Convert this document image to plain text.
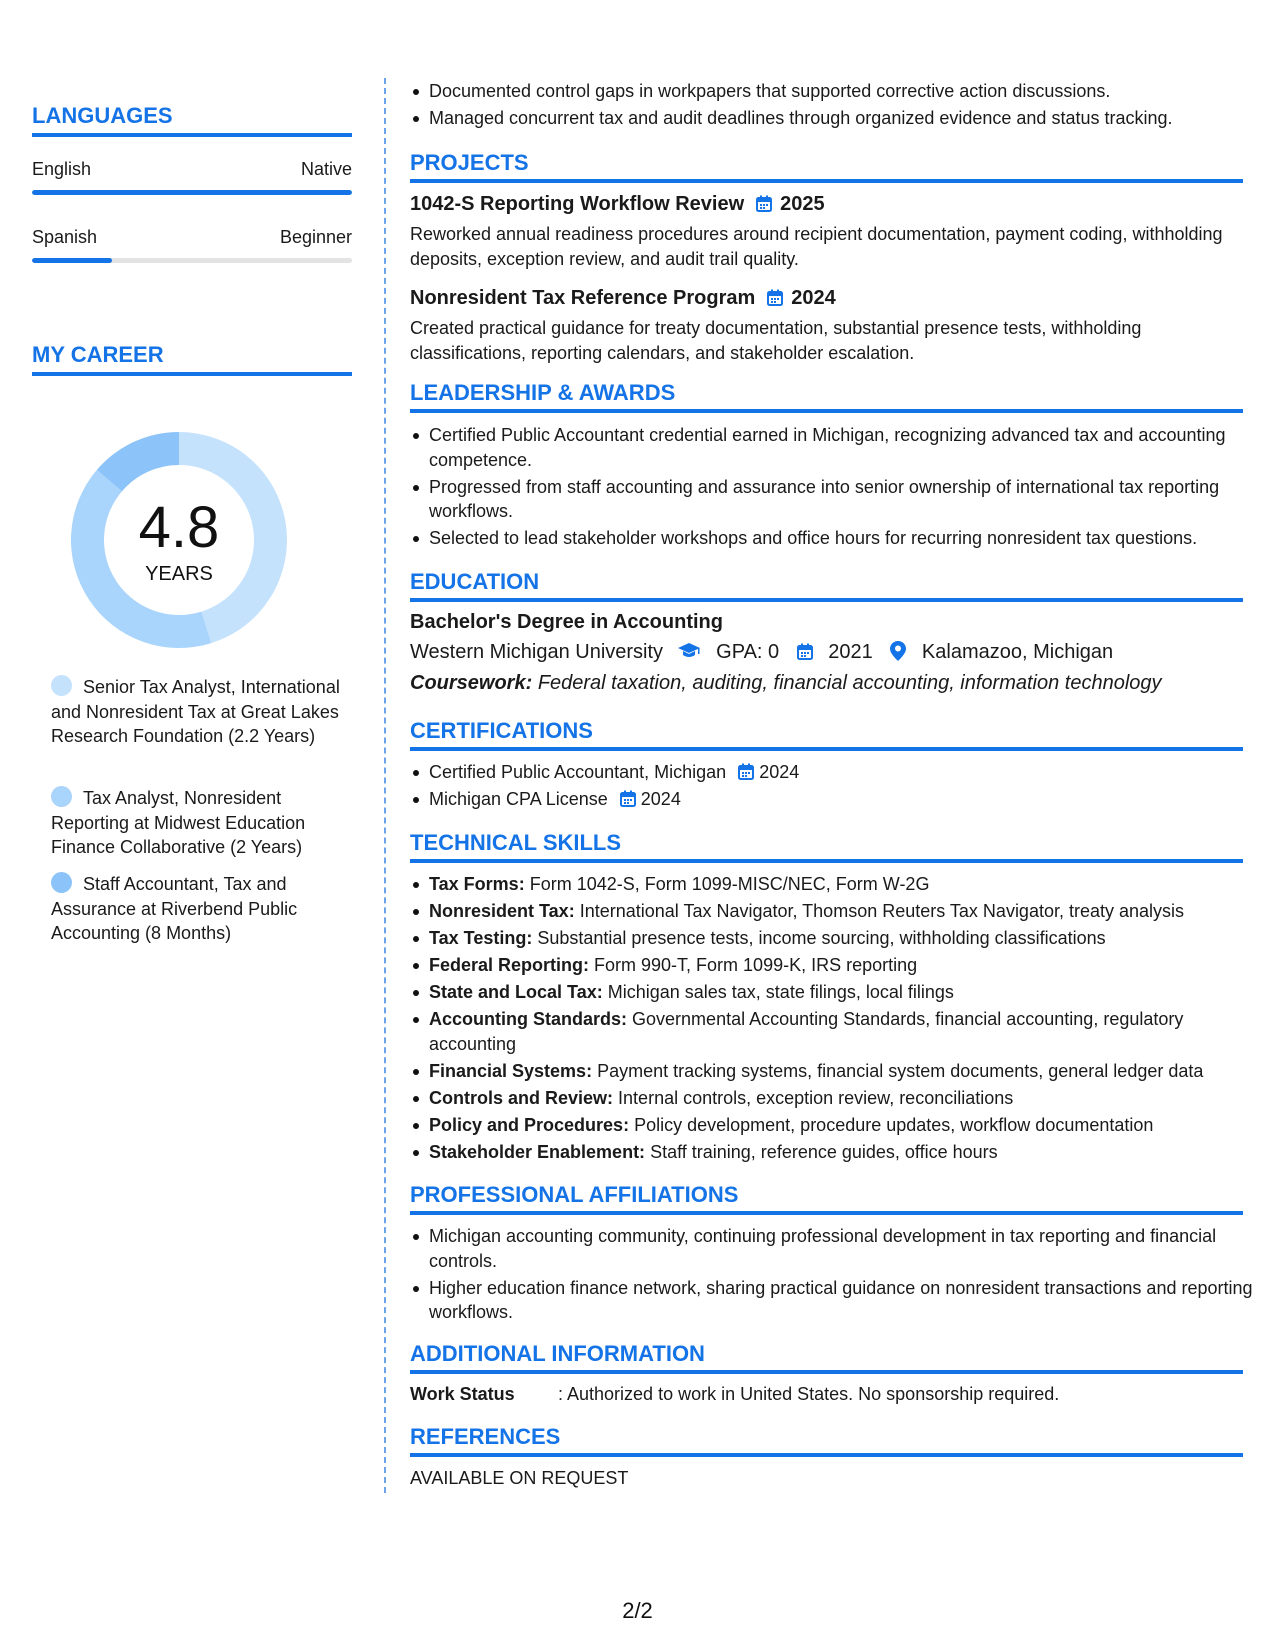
LANGUAGES
English	Native
Spanish	Beginner
MY CAREER
4.8
YEARS
Senior Tax Analyst, International and Nonresident Tax at Great Lakes Research Foundation (2.2 Years)
Tax Analyst, Nonresident Reporting at Midwest Education Finance Collaborative (2 Years)
Staff Accountant, Tax and Assurance at Riverbend Public Accounting (8 Months)
Documented control gaps in workpapers that supported corrective action discussions.
Managed concurrent tax and audit deadlines through organized evidence and status tracking.
PROJECTS
1042-S Reporting Workflow Review 2025
Reworked annual readiness procedures around recipient documentation, payment coding, withholding deposits, exception review, and audit trail quality.
Nonresident Tax Reference Program 2024
Created practical guidance for treaty documentation, substantial presence tests, withholding classifications, reporting calendars, and stakeholder escalation.
LEADERSHIP & AWARDS
Certified Public Accountant credential earned in Michigan, recognizing advanced tax and accounting competence.
Progressed from staff accounting and assurance into senior ownership of international tax reporting workflows.
Selected to lead stakeholder workshops and office hours for recurring nonresident tax questions.
EDUCATION
Bachelor's Degree in Accounting
Western Michigan University	GPA: 0 2021 Kalamazoo, Michigan
Coursework: Federal taxation, auditing, financial accounting, information technology
CERTIFICATIONS
Certified Public Accountant, Michigan 2024
Michigan CPA License 2024
TECHNICAL SKILLS
Tax Forms: Form 1042-S, Form 1099-MISC/NEC, Form W-2G
Nonresident Tax: International Tax Navigator, Thomson Reuters Tax Navigator, treaty analysis
Tax Testing: Substantial presence tests, income sourcing, withholding classifications
Federal Reporting: Form 990-T, Form 1099-K, IRS reporting
State and Local Tax: Michigan sales tax, state filings, local filings
Accounting Standards: Governmental Accounting Standards, financial accounting, regulatory accounting
Financial Systems: Payment tracking systems, financial system documents, general ledger data
Controls and Review: Internal controls, exception review, reconciliations
Policy and Procedures: Policy development, procedure updates, workflow documentation
Stakeholder Enablement: Staff training, reference guides, office hours
PROFESSIONAL AFFILIATIONS
Michigan accounting community, continuing professional development in tax reporting and financial controls.
Higher education finance network, sharing practical guidance on nonresident transactions and reporting workflows.
ADDITIONAL INFORMATION
Work Status : Authorized to work in United States. No sponsorship required.
REFERENCES
AVAILABLE ON REQUEST
2/2
